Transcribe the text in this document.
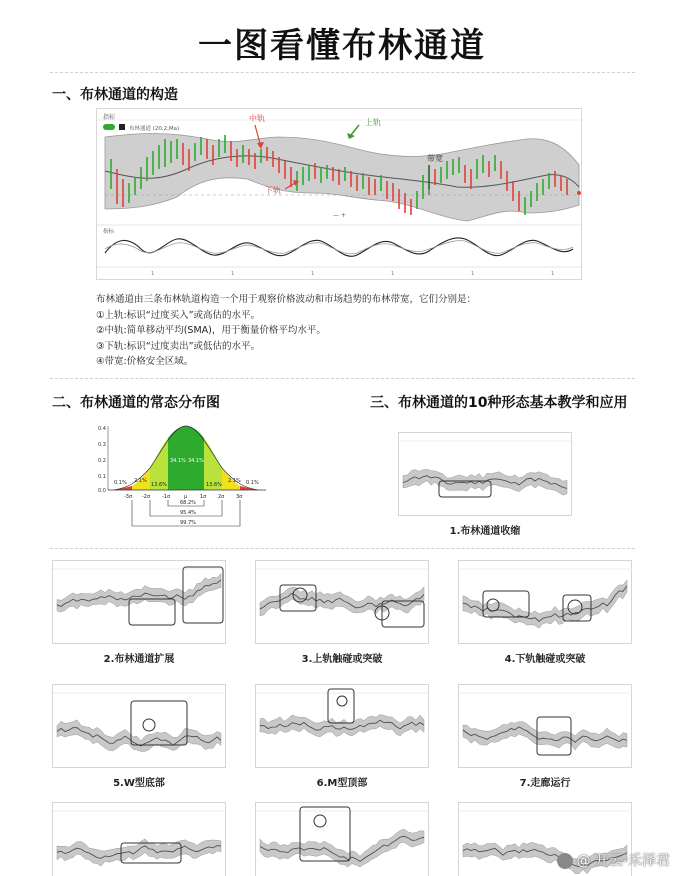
一图看懂布林通道
一、布林通道的构造
指标
布林通道 (20,2,Ma)
中轨	上轨
下轨
带宽
— +
指标
1	1	1	1	1	1
布林通道由三条布林轨道构造一个用于观察价格波动和市场趋势的布林带宽，它们分别是：
①上轨:标识“过度买入”或高估的水平。
②中轨:简单移动平均(SMA)，用于衡量价格平均水平。
③下轨:标识“过度卖出”或低估的水平。
④带宽:价格安全区域。
二、布林通道的常态分布图
0.4
0.3
0.2
0.1
0.0
0.1% 2.1%
13.6%
34.1% 34.1%
13.6%
2.1% 0.1%
-3σ -2σ -1σ	μ	1σ 2σ 3σ
68.2%
95.4%
99.7%
三、布林通道的10种形态基本教学和应用
1.布林通道收缩
2.布林通道扩展	3.上轨触碰或突破	4.下轨触碰或突破
5.W型底部	6.M型顶部	7.走廊运行
@ 开云-禾泽君
